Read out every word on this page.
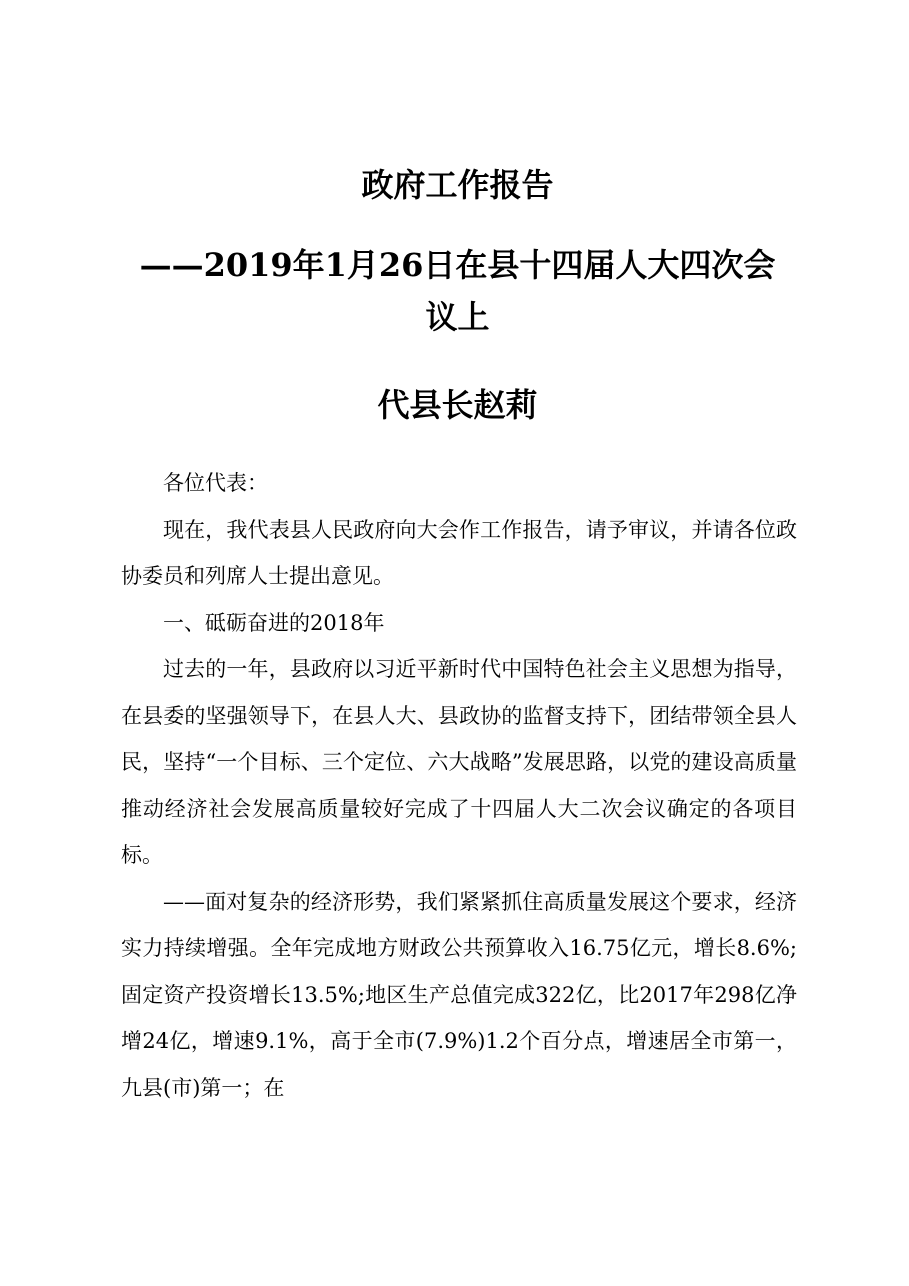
政府工作报告
——2019年1月26日在县十四届人大四次会
议上
代县长赵莉

各位代表：

现在，我代表县人民政府向大会作工作报告，请予审议，并请各位政协委员和列席人士提出意见。

一、砥砺奋进的2018年

过去的一年，县政府以习近平新时代中国特色社会主义思想为指导，在县委的坚强领导下，在县人大、县政协的监督支持下，团结带领全县人民，坚持“一个目标、三个定位、六大战略”发展思路，以党的建设高质量推动经济社会发展高质量较好完成了十四届人大二次会议确定的各项目标。

——面对复杂的经济形势，我们紧紧抓住高质量发展这个要求，经济实力持续增强。全年完成地方财政公共预算收入16.75亿元，增长8.6%;固定资产投资增长13.5%;地区生产总值完成322亿，比2017年298亿净增24亿，增速9.1%，高于全市(7.9%)1.2个百分点，增速居全市第一，九县(市)第一；在
